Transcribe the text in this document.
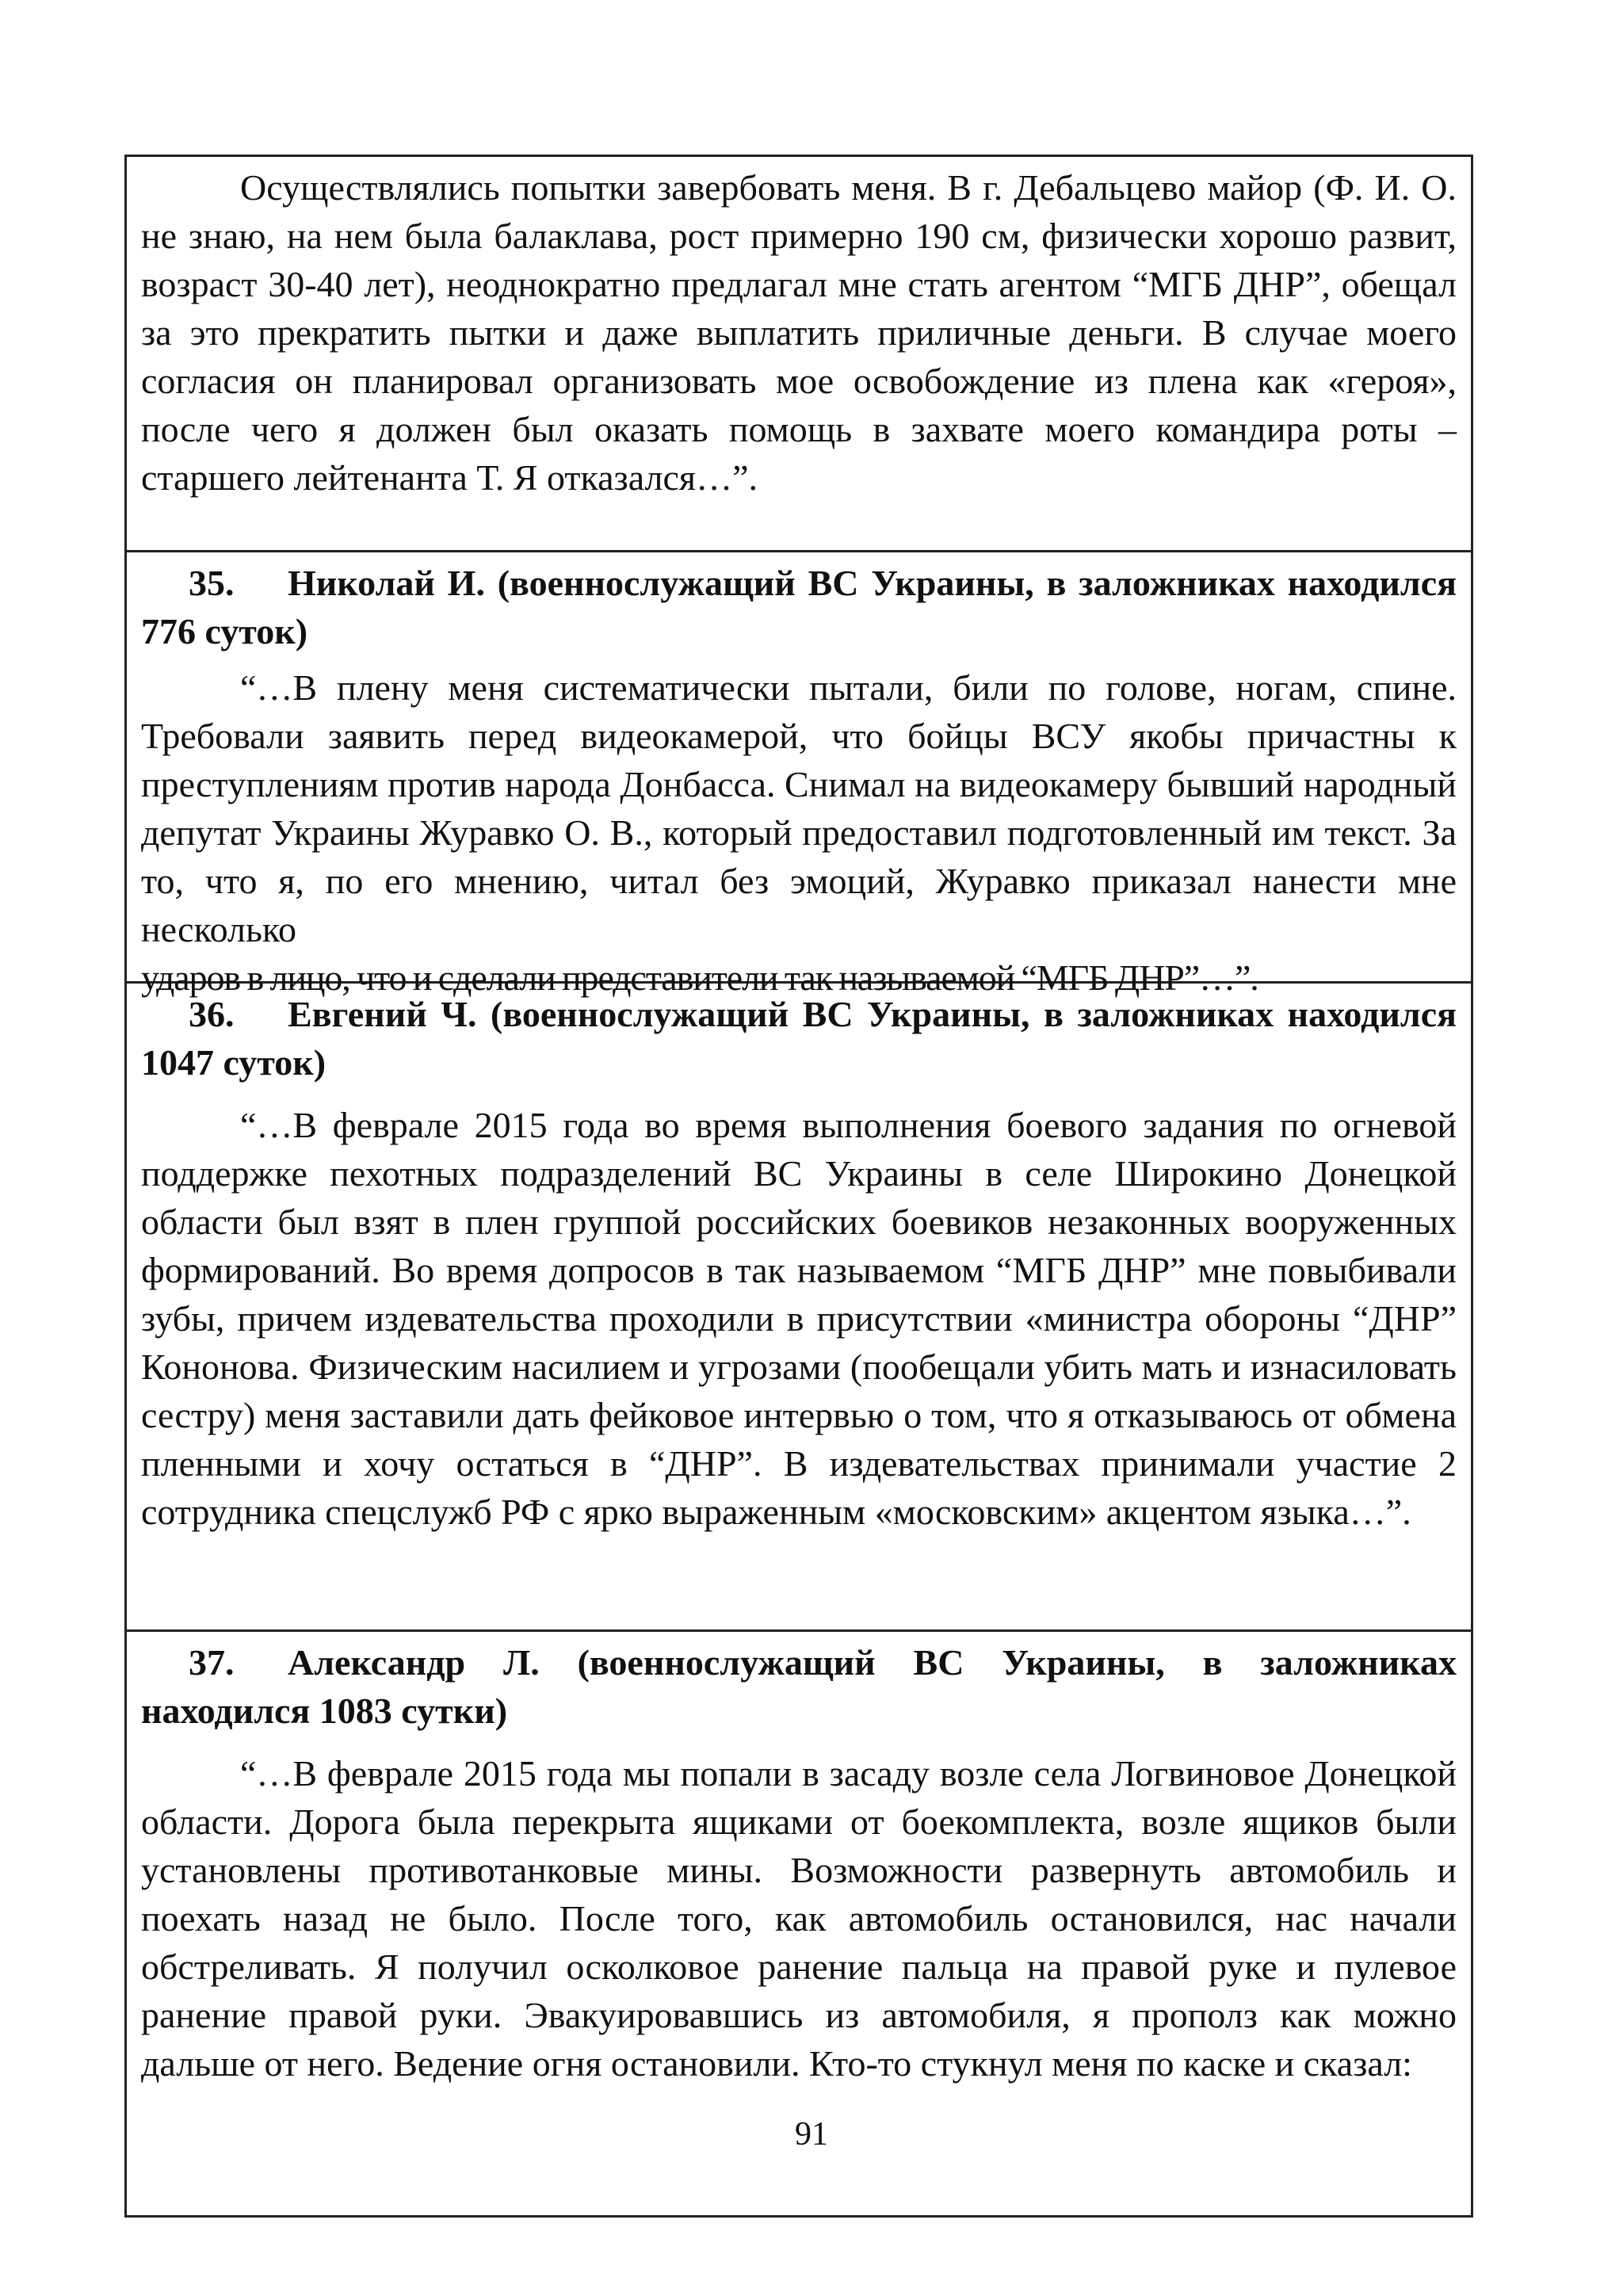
Осуществлялись попытки завербовать меня. В г. Дебальцево майор (Ф. И. О. не знаю, на нем была балаклава, рост примерно 190 см, физически хорошо развит, возраст 30-40 лет), неоднократно предлагал мне стать агентом “МГБ ДНР”, обещал за это прекратить пытки и даже выплатить приличные деньги. В случае моего согласия он планировал организовать мое освобождение из плена как «героя», после чего я должен был оказать помощь в захвате моего командира роты – старшего лейтенанта Т. Я отказался…”.

35. Николай И. (военнослужащий ВС Украины, в заложниках находился 776 суток)

“…В плену меня систематически пытали, били по голове, ногам, спине. Требовали заявить перед видеокамерой, что бойцы ВСУ якобы причастны к преступлениям против народа Донбасса. Снимал на видеокамеру бывший народный депутат Украины Журавко О. В., который предоставил подготовленный им текст. За то, что я, по его мнению, читал без эмоций, Журавко приказал нанести мне несколько

ударов в лицо, что и сделали представители так называемой “МГБ ДНР”…”.

36. Евгений Ч. (военнослужащий ВС Украины, в заложниках находился 1047 суток)

“…В феврале 2015 года во время выполнения боевого задания по огневой поддержке пехотных подразделений ВС Украины в селе Широкино Донецкой области был взят в плен группой российских боевиков незаконных вооруженных формирований. Во время допросов в так называемом “МГБ ДНР” мне повыбивали зубы, причем издевательства проходили в присутствии «министра обороны “ДНР” Кононова. Физическим насилием и угрозами (пообещали убить мать и изнасиловать сестру) меня заставили дать фейковое интервью о том, что я отказываюсь от обмена пленными и хочу остаться в “ДНР”. В издевательствах принимали участие 2 сотрудника спецслужб РФ с ярко выраженным «московским» акцентом языка…”.

37. Александр Л. (военнослужащий ВС Украины, в заложниках находился 1083 сутки)

“…В феврале 2015 года мы попали в засаду возле села Логвиновое Донецкой области. Дорога была перекрыта ящиками от боекомплекта, возле ящиков были установлены противотанковые мины. Возможности развернуть автомобиль и поехать назад не было. После того, как автомобиль остановился, нас начали обстреливать. Я получил осколковое ранение пальца на правой руке и пулевое ранение правой руки. Эвакуировавшись из автомобиля, я прополз как можно дальше от него. Ведение огня остановили. Кто-то стукнул меня по каске и сказал:

91
